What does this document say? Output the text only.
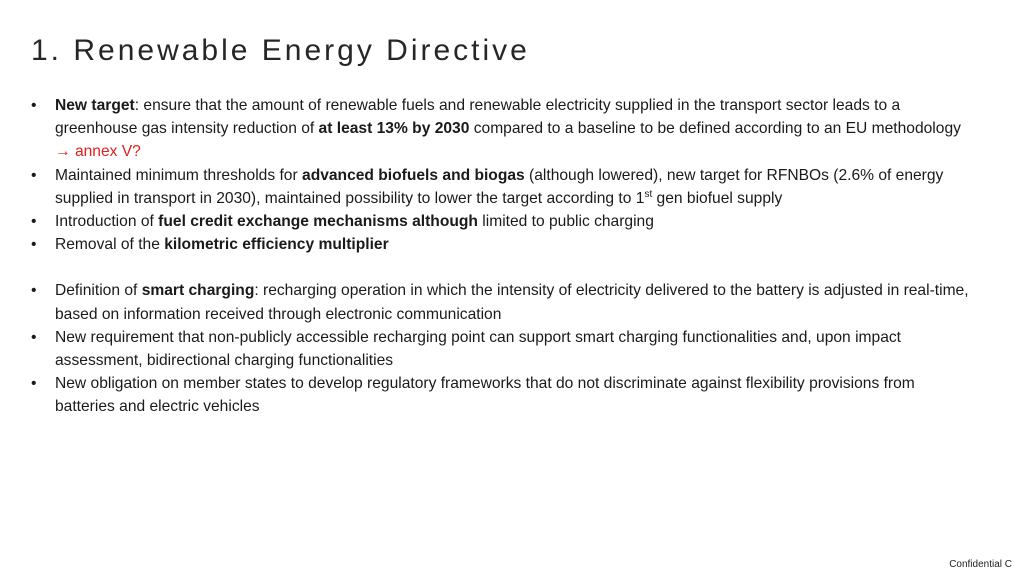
1. Renewable Energy Directive
• New target: ensure that the amount of renewable fuels and renewable electricity supplied in the transport sector leads to a greenhouse gas intensity reduction of at least 13% by 2030 compared to a baseline to be defined according to an EU methodology → annex V?
• Maintained minimum thresholds for advanced biofuels and biogas (although lowered), new target for RFNBOs (2.6% of energy supplied in transport in 2030), maintained possibility to lower the target according to 1st gen biofuel supply
• Introduction of fuel credit exchange mechanisms although limited to public charging
• Removal of the kilometric efficiency multiplier
• Definition of smart charging: recharging operation in which the intensity of electricity delivered to the battery is adjusted in real-time, based on information received through electronic communication
• New requirement that non-publicly accessible recharging point can support smart charging functionalities and, upon impact assessment, bidirectional charging functionalities
• New obligation on member states to develop regulatory frameworks that do not discriminate against flexibility provisions from batteries and electric vehicles
Confidential C
